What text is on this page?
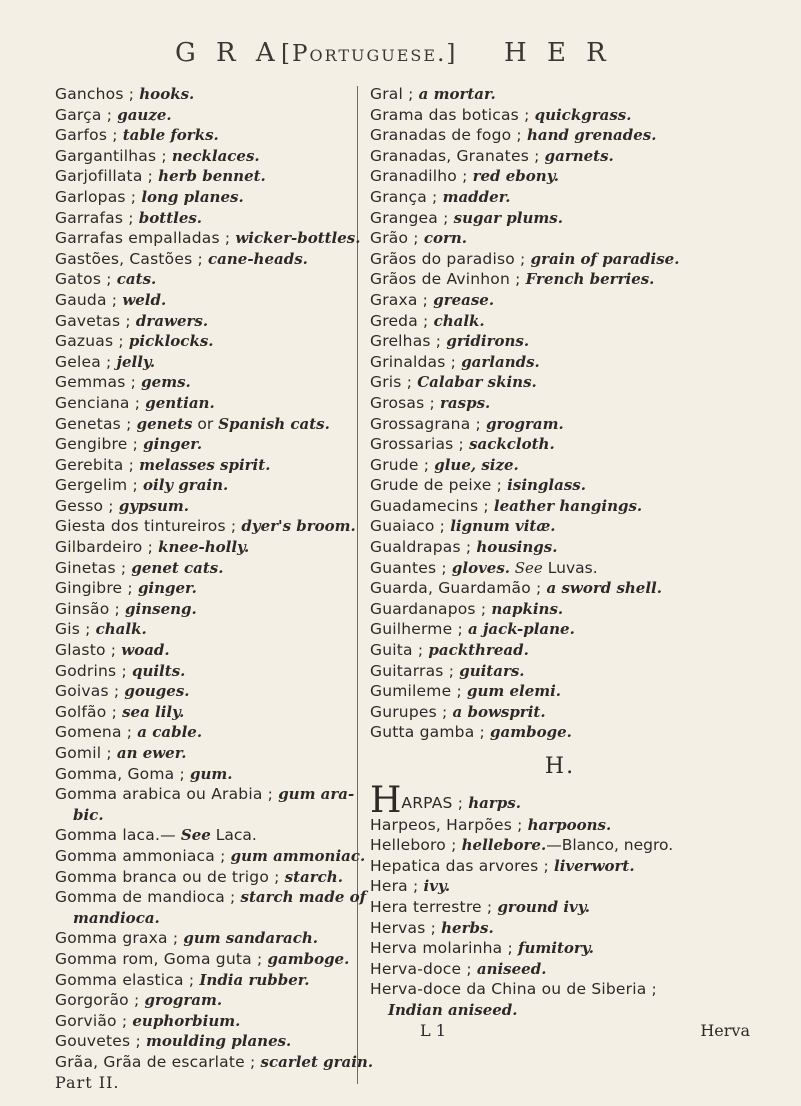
G R A [Portuguese.] H E R
Ganchos ; hooks.
Garça ; gauze.
Garfos ; table forks.
Gargantilhas ; necklaces.
Garjofillata ; herb bennet.
Garlopas ; long planes.
Garrafas ; bottles.
Garrafas empalladas ; wicker-bottles.
Gastões, Castões ; cane-heads.
Gatos ; cats.
Gauda ; weld.
Gavetas ; drawers.
Gazuas ; picklocks.
Gelea ; jelly.
Gemmas ; gems.
Genciana ; gentian.
Genetas ; genets or Spanish cats.
Gengibre ; ginger.
Gerebita ; melasses spirit.
Gergelim ; oily grain.
Gesso ; gypsum.
Giesta dos tintureiros ; dyer's broom.
Gilbardeiro ; knee-holly.
Ginetas ; genet cats.
Gingibre ; ginger.
Ginsão ; ginseng.
Gis ; chalk.
Glasto ; woad.
Godrins ; quilts.
Goivas ; gouges.
Golfão ; sea lily.
Gomena ; a cable.
Gomil ; an ewer.
Gomma, Goma ; gum.
Gomma arabica ou Arabia ; gum ara-
bic.
Gomma laca.— See Laca.
Gomma ammoniaca ; gum ammoniac.
Gomma branca ou de trigo ; starch.
Gomma de mandioca ; starch made of
mandioca.
Gomma graxa ; gum sandarach.
Gomma rom, Goma guta ; gamboge.
Gomma elastica ; India rubber.
Gorgorão ; grogram.
Gorvião ; euphorbium.
Gouvetes ; moulding planes.
Grãa, Grãa de escarlate ; scarlet grain.
Part II.
Gral ; a mortar.
Grama das boticas ; quickgrass.
Granadas de fogo ; hand grenades.
Granadas, Granates ; garnets.
Granadilho ; red ebony.
Grança ; madder.
Grangea ; sugar plums.
Grão ; corn.
Grãos do paradiso ; grain of paradise.
Grãos de Avinhon ; French berries.
Graxa ; grease.
Greda ; chalk.
Grelhas ; gridirons.
Grinaldas ; garlands.
Gris ; Calabar skins.
Grosas ; rasps.
Grossagrana ; grogram.
Grossarias ; sackcloth.
Grude ; glue, size.
Grude de peixe ; isinglass.
Guadamecins ; leather hangings.
Guaiaco ; lignum vitæ.
Gualdrapas ; housings.
Guantes ; gloves. See Luvas.
Guarda, Guardamão ; a sword shell.
Guardanapos ; napkins.
Guilherme ; a jack-plane.
Guita ; packthread.
Guitarras ; guitars.
Gumileme ; gum elemi.
Gurupes ; a bowsprit.
Gutta gamba ; gamboge.
H.
HARPAS ; harps.
Harpeos, Harpões ; harpoons.
Helleboro ; hellebore.—Blanco, negro.
Hepatica das arvores ; liverwort.
Hera ; ivy.
Hera terrestre ; ground ivy.
Hervas ; herbs.
Herva molarinha ; fumitory.
Herva-doce ; aniseed.
Herva-doce da China ou de Siberia ;
Indian aniseed.
L 1	Herva
